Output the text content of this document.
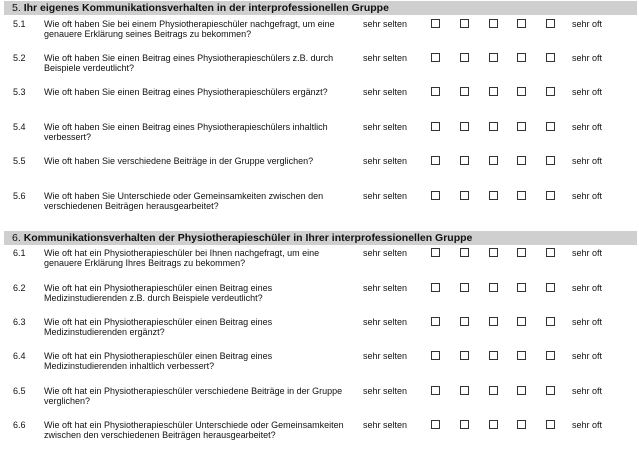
5. Ihr eigenes Kommunikationsverhalten in der interprofessionellen Gruppe
5.1 Wie oft haben Sie bei einem Physiotherapieschüler nachgefragt, um eine genauere Erklärung seines Beitrags zu bekommen?
sehr selten	sehr oft
5.2 Wie oft haben Sie einen Beitrag eines Physiotherapieschülers z.B. durch Beispiele verdeutlicht?
sehr selten	sehr oft
5.3 Wie oft haben Sie einen Beitrag eines Physiotherapieschülers ergänzt?	sehr selten	sehr oft
5.4 Wie oft haben Sie einen Beitrag eines Physiotherapieschülers inhaltlich verbessert?
sehr selten	sehr oft
5.5 Wie oft haben Sie verschiedene Beiträge in der Gruppe verglichen?	sehr selten	sehr oft
5.6 Wie oft haben Sie Unterschiede oder Gemeinsamkeiten zwischen den verschiedenen Beiträgen herausgearbeitet?
sehr selten	sehr oft
6. Kommunikationsverhalten der Physiotherapieschüler in Ihrer interprofessionellen Gruppe
6.1 Wie oft hat ein Physiotherapieschüler bei Ihnen nachgefragt, um eine genauere Erklärung Ihres Beitrags zu bekommen?
sehr selten	sehr oft
6.2 Wie oft hat ein Physiotherapieschüler einen Beitrag eines Medizinstudierenden z.B. durch Beispiele verdeutlicht?
sehr selten	sehr oft
6.3 Wie oft hat ein Physiotherapieschüler einen Beitrag eines Medizinstudierenden ergänzt?
sehr selten	sehr oft
6.4 Wie oft hat ein Physiotherapieschüler einen Beitrag eines Medizinstudierenden inhaltlich verbessert?
sehr selten	sehr oft
6.5 Wie oft hat ein Physiotherapieschüler verschiedene Beiträge in der Gruppe verglichen?
sehr selten	sehr oft
6.6 Wie oft hat ein Physiotherapieschüler Unterschiede oder Gemeinsamkeiten zwischen den verschiedenen Beiträgen herausgearbeitet?
sehr selten	sehr oft
